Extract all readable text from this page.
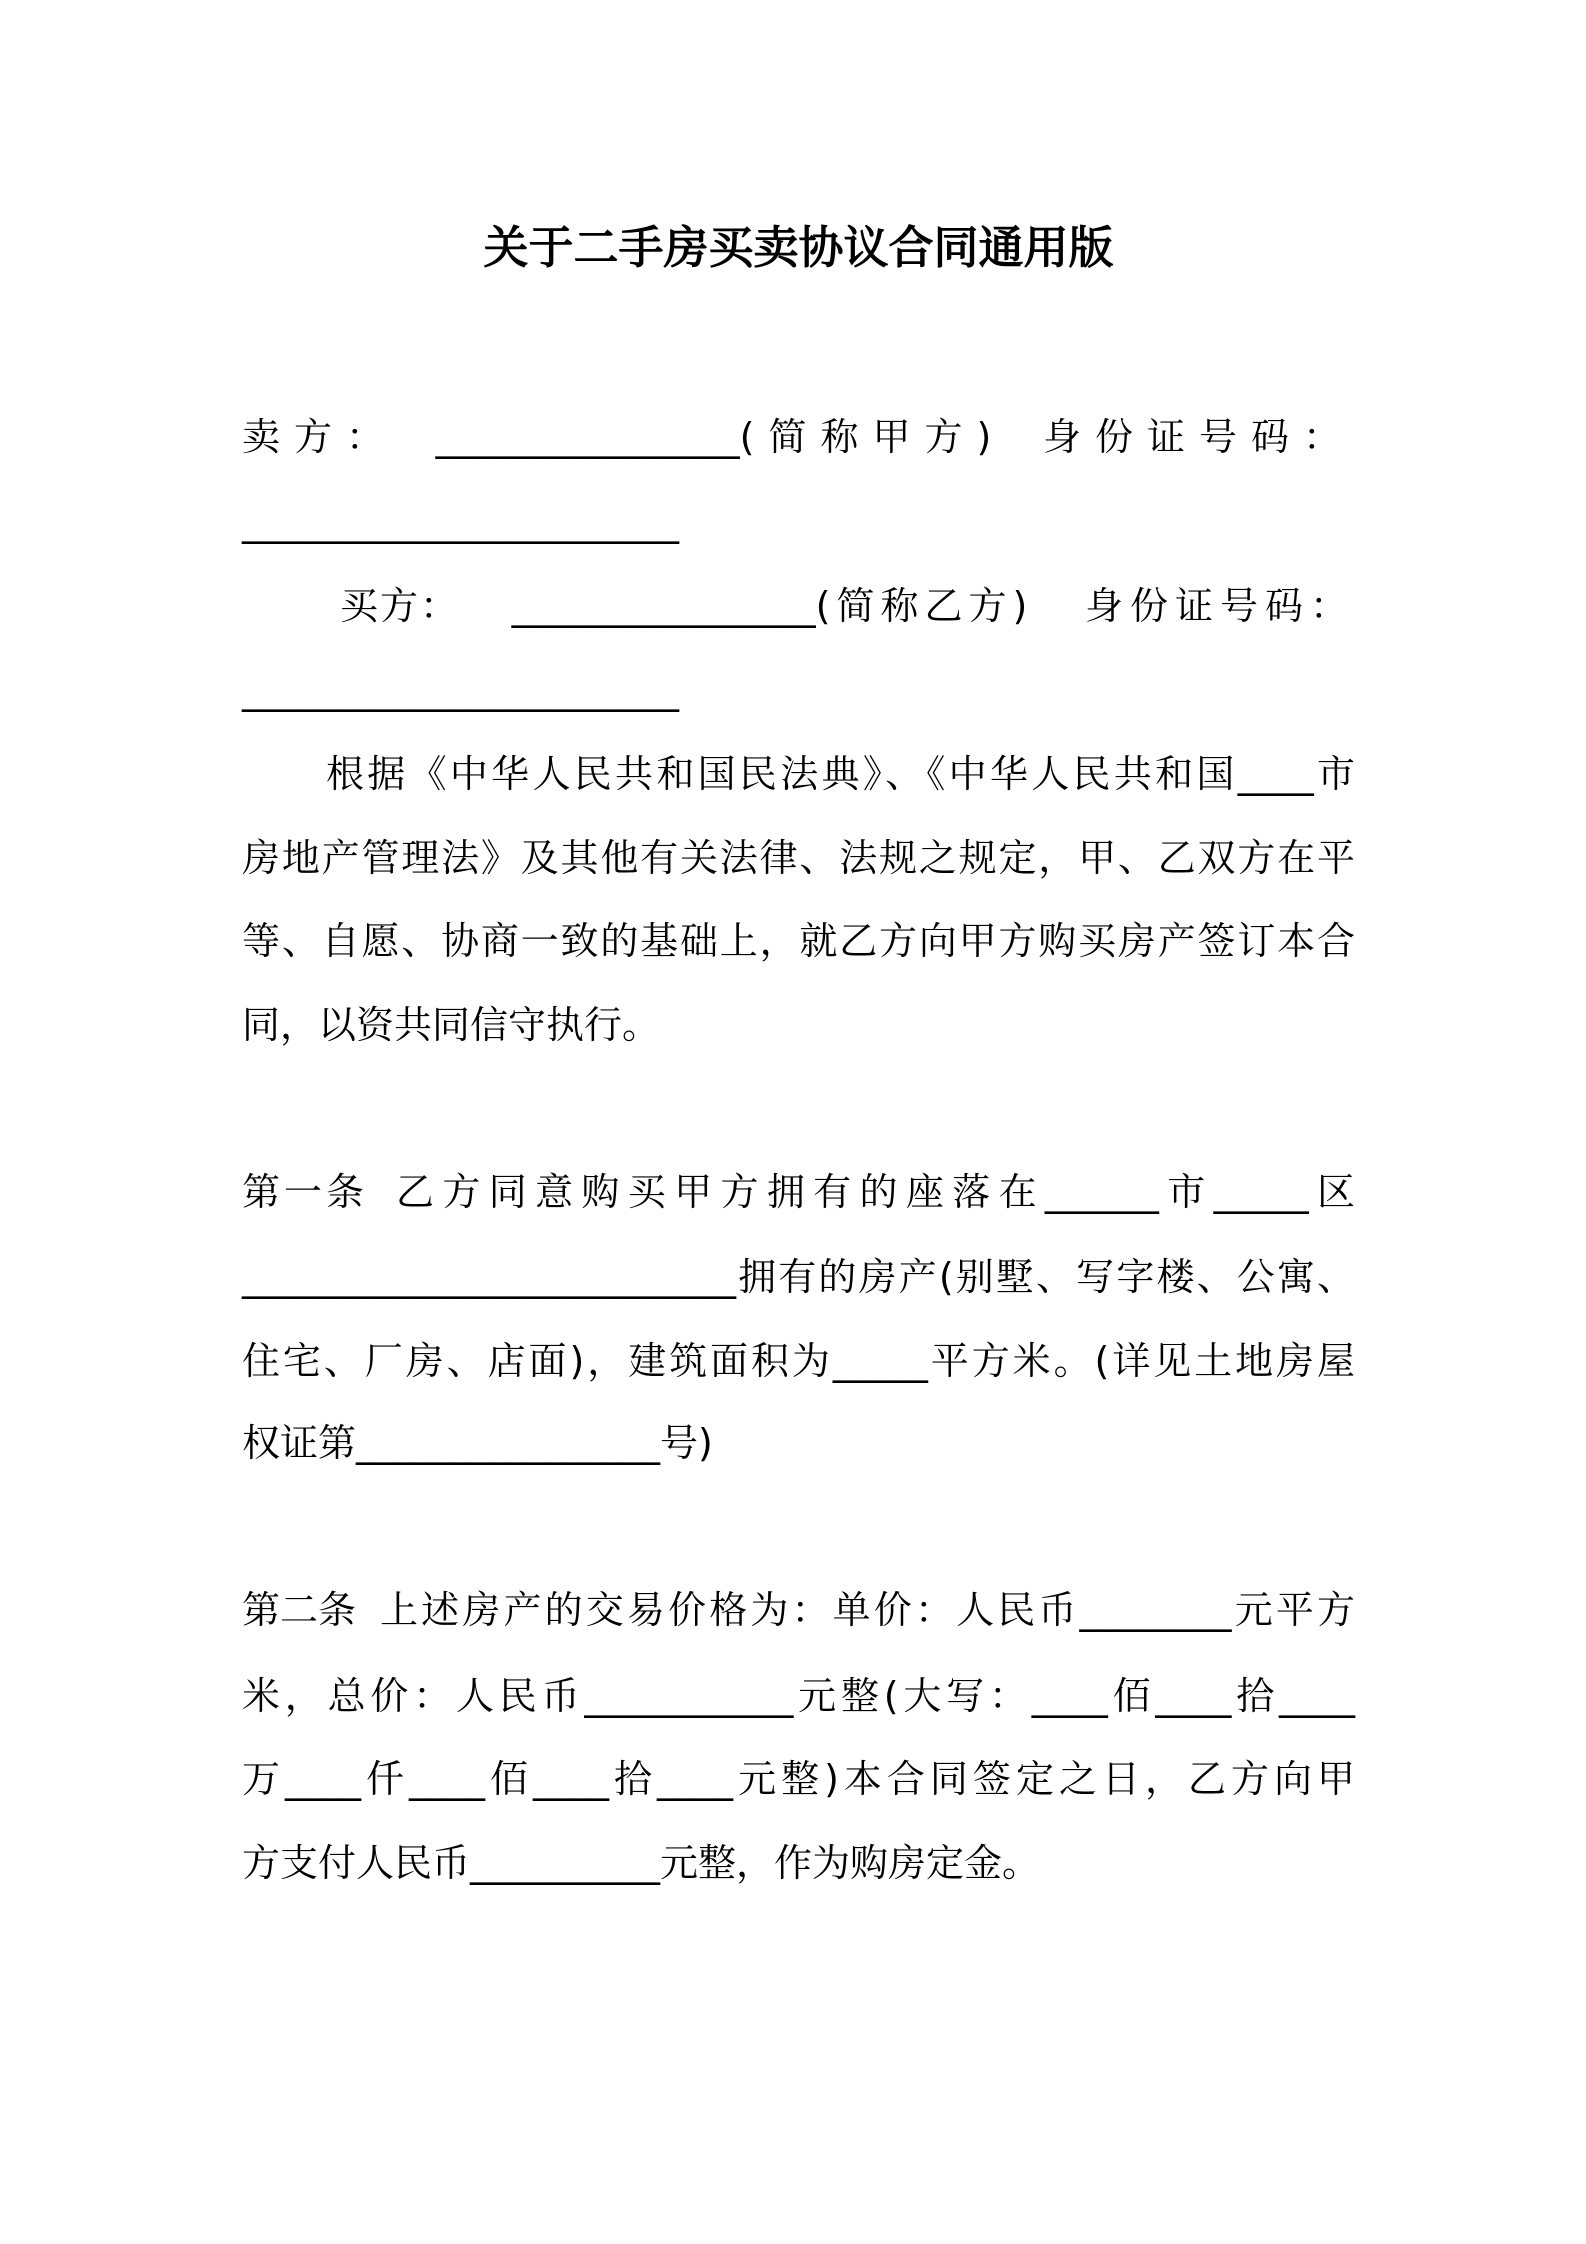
关于二手房买卖协议合同通用版
卖方： ________________(简称甲方) 身份证号码：
_______________________
买方： ________________(简称乙方) 身份证号码：
_______________________
根据《中华人民共和国民法典》、《中华人民共和国____市
房地产管理法》及其他有关法律、法规之规定，甲、乙双方在平
等、自愿、协商一致的基础上，就乙方向甲方购买房产签订本合
同，以资共同信守执行。
第一条 乙方同意购买甲方拥有的座落在______市_____区
__________________________拥有的房产(别墅、写字楼、公寓、
住宅、厂房、店面)，建筑面积为_____平方米。(详见土地房屋
权证第________________号)
第二条 上述房产的交易价格为：单价：人民币________元平方
米，总价：人民币___________元整(大写：____佰____拾____
万____仟____佰____拾____元整)本合同签定之日，乙方向甲
方支付人民币__________元整，作为购房定金。
